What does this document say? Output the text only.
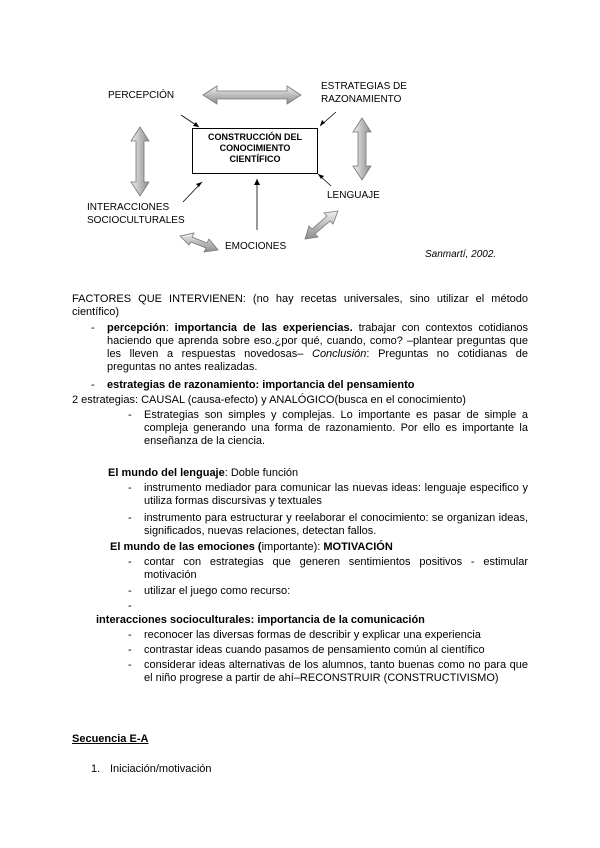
PERCEPCIÓN
ESTRATEGIAS DE
RAZONAMIENTO
CONSTRUCCIÓN DEL
CONOCIMIENTO
CIENTÍFICO
INTERACCIONES
SOCIOCULTURALES
LENGUAJE
EMOCIONES
Sanmartí, 2002.
FACTORES QUE INTERVIENEN: (no hay recetas universales, sino utilizar el método científico)
- percepción: importancia de las experiencias. trabajar con contextos cotidianos haciendo que aprenda sobre eso.¿por qué, cuando, como? –plantear preguntas que les lleven a respuestas novedosas– Conclusión: Preguntas no cotidianas de preguntas no antes realizadas.
- estrategias de razonamiento: importancia del pensamiento
2 estrategias: CAUSAL (causa-efecto) y ANALÓGICO(busca en el conocimiento)
- Estrategias son simples y complejas. Lo importante es pasar de simple a compleja generando una forma de razonamiento. Por ello es importante la enseñanza de la ciencia.
El mundo del lenguaje: Doble función
- instrumento mediador para comunicar las nuevas ideas: lenguaje especifico y utiliza formas discursivas y textuales
- instrumento para estructurar y reelaborar el conocimiento: se organizan ideas, significados, nuevas relaciones, detectan fallos.
El mundo de las emociones (importante): MOTIVACIÓN
- contar con estrategias que generen sentimientos positivos - estimular motivación
- utilizar el juego como recurso:
-
interacciones socioculturales: importancia de la comunicación
- reconocer las diversas formas de describir y explicar una experiencia
- contrastar ideas cuando pasamos de pensamiento común al científico
- considerar ideas alternativas de los alumnos, tanto buenas como no para que el niño progrese a partir de ahí–RECONSTRUIR (CONSTRUCTIVISMO)
Secuencia E-A
1. Iniciación/motivación
